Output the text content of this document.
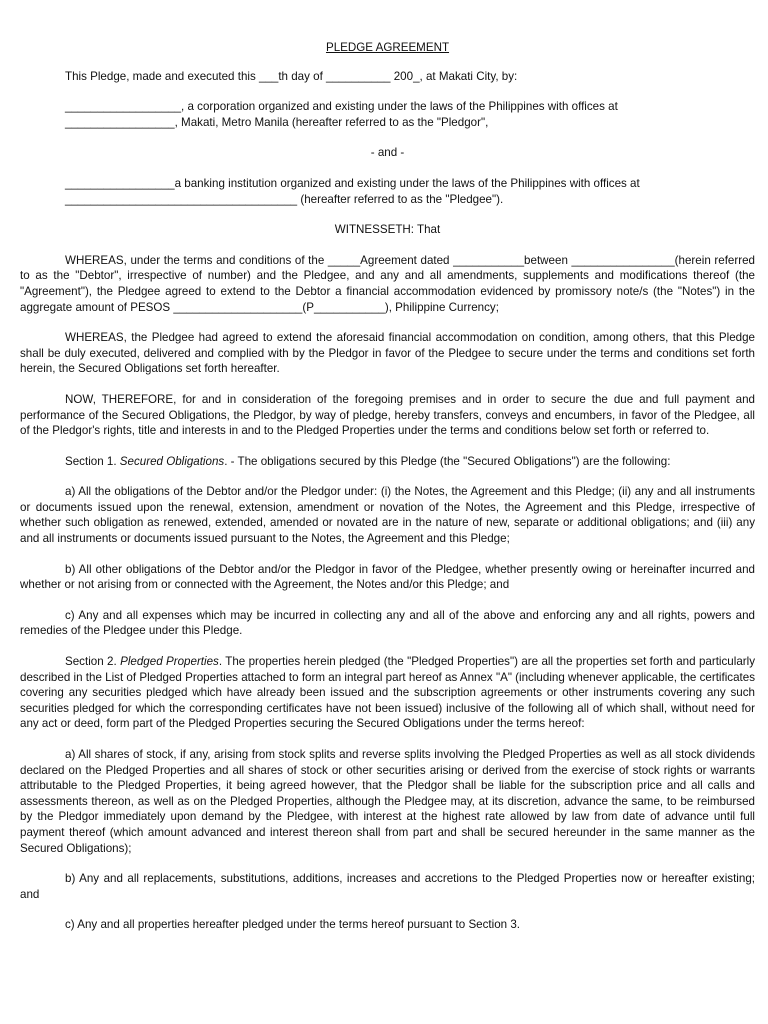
PLEDGE AGREEMENT

This Pledge, made and executed this ___th day of __________ 200_, at Makati City, by:

__________________, a corporation organized and existing under the laws of the Philippines with offices at

_________________, Makati, Metro Manila (hereafter referred to as the "Pledgor",

- and -

_________________a banking institution organized and existing under the laws of the Philippines with offices at

____________________________________ (hereafter referred to as the "Pledgee").

WITNESSETH: That

WHEREAS, under the terms and conditions of the _____Agreement dated ___________between ________________(herein referred to as the "Debtor", irrespective of number) and the Pledgee, and any and all amendments, supplements and modifications thereof (the "Agreement"), the Pledgee agreed to extend to the Debtor a financial accommodation evidenced by promissory note/s (the "Notes") in the aggregate amount of PESOS ____________________(P___________), Philippine Currency;

WHEREAS, the Pledgee had agreed to extend the aforesaid financial accommodation on condition, among others, that this Pledge shall be duly executed, delivered and complied with by the Pledgor in favor of the Pledgee to secure under the terms and conditions set forth herein, the Secured Obligations set forth hereafter.

NOW, THEREFORE, for and in consideration of the foregoing premises and in order to secure the due and full payment and performance of the Secured Obligations, the Pledgor, by way of pledge, hereby transfers, conveys and encumbers, in favor of the Pledgee, all of the Pledgor's rights, title and interests in and to the Pledged Properties under the terms and conditions below set forth or referred to.

Section 1. Secured Obligations. - The obligations secured by this Pledge (the "Secured Obligations") are the following:

a) All the obligations of the Debtor and/or the Pledgor under: (i) the Notes, the Agreement and this Pledge; (ii) any and all instruments or documents issued upon the renewal, extension, amendment or novation of the Notes, the Agreement and this Pledge, irrespective of whether such obligation as renewed, extended, amended or novated are in the nature of new, separate or additional obligations; and (iii) any and all instruments or documents issued pursuant to the Notes, the Agreement and this Pledge;

b) All other obligations of the Debtor and/or the Pledgor in favor of the Pledgee, whether presently owing or hereinafter incurred and whether or not arising from or connected with the Agreement, the Notes and/or this Pledge; and

c) Any and all expenses which may be incurred in collecting any and all of the above and enforcing any and all rights, powers and remedies of the Pledgee under this Pledge.

Section 2. Pledged Properties. The properties herein pledged (the "Pledged Properties") are all the properties set forth and particularly described in the List of Pledged Properties attached to form an integral part hereof as Annex "A" (including whenever applicable, the certificates covering any securities pledged which have already been issued and the subscription agreements or other instruments covering any such securities pledged for which the corresponding certificates have not been issued) inclusive of the following all of which shall, without need for any act or deed, form part of the Pledged Properties securing the Secured Obligations under the terms hereof:

a) All shares of stock, if any, arising from stock splits and reverse splits involving the Pledged Properties as well as all stock dividends declared on the Pledged Properties and all shares of stock or other securities arising or derived from the exercise of stock rights or warrants attributable to the Pledged Properties, it being agreed however, that the Pledgor shall be liable for the subscription price and all calls and assessments thereon, as well as on the Pledged Properties, although the Pledgee may, at its discretion, advance the same, to be reimbursed by the Pledgor immediately upon demand by the Pledgee, with interest at the highest rate allowed by law from date of advance until full payment thereof (which amount advanced and interest thereon shall from part and shall be secured hereunder in the same manner as the Secured Obligations);

b) Any and all replacements, substitutions, additions, increases and accretions to the Pledged Properties now or hereafter existing; and

c) Any and all properties hereafter pledged under the terms hereof pursuant to Section 3.
